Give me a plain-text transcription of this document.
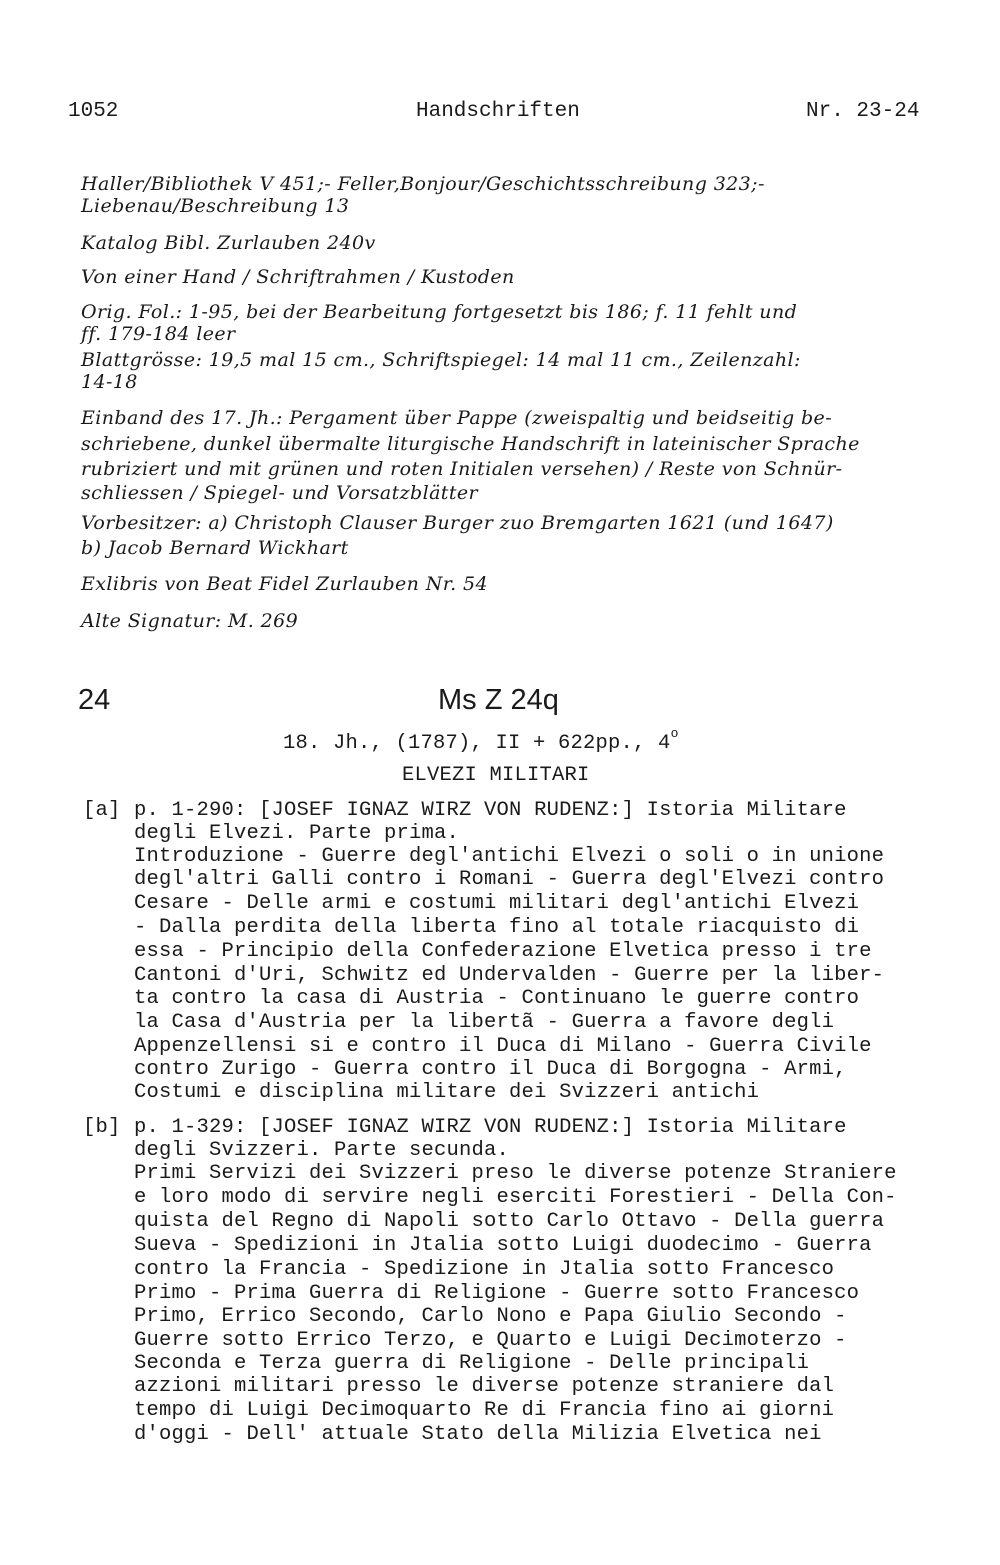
1052	Handschriften	Nr. 23-24
Haller/Bibliothek V 451;- Feller,Bonjour/Geschichtsschreibung 323;-
Liebenau/Beschreibung 13
Katalog Bibl. Zurlauben 240v
Von einer Hand / Schriftrahmen / Kustoden
Orig. Fol.: 1-95, bei der Bearbeitung fortgesetzt bis 186; f. 11 fehlt und
ff. 179-184 leer
Blattgrösse: 19,5 mal 15 cm., Schriftspiegel: 14 mal 11 cm., Zeilenzahl:
14-18
Einband des 17. Jh.: Pergament über Pappe (zweispaltig und beidseitig be-
schriebene, dunkel übermalte liturgische Handschrift in lateinischer Sprache
rubriziert und mit grünen und roten Initialen versehen) / Reste von Schnür-
schliessen / Spiegel- und Vorsatzblätter
Vorbesitzer: a) Christoph Clauser Burger zuo Bremgarten 1621 (und 1647)
b) Jacob Bernard Wickhart
Exlibris von Beat Fidel Zurlauben Nr. 54
Alte Signatur: M. 269
24	Ms Z 24q
18. Jh., (1787), II + 622pp., 4$^o$
ELVEZI MILITARI
[a] p. 1-290: [JOSEF IGNAZ WIRZ VON RUDENZ:] Istoria Militare
degli Elvezi. Parte prima.
Introduzione - Guerre degl'antichi Elvezi o soli o in unione
degl'altri Galli contro i Romani - Guerra degl'Elvezi contro
Cesare - Delle armi e costumi militari degl'antichi Elvezi
- Dalla perdita della liberta fino al totale riacquisto di
essa - Principio della Confederazione Elvetica presso i tre
Cantoni d'Uri, Schwitz ed Undervalden - Guerre per la liber-
ta contro la casa di Austria - Continuano le guerre contro
la Casa d'Austria per la libertã - Guerra a favore degli
Appenzellensi si e contro il Duca di Milano - Guerra Civile
contro Zurigo - Guerra contro il Duca di Borgogna - Armi,
Costumi e disciplina militare dei Svizzeri antichi
[b] p. 1-329: [JOSEF IGNAZ WIRZ VON RUDENZ:] Istoria Militare
degli Svizzeri. Parte secunda.
Primi Servizi dei Svizzeri preso le diverse potenze Straniere
e loro modo di servire negli eserciti Forestieri - Della Con-
quista del Regno di Napoli sotto Carlo Ottavo - Della guerra
Sueva - Spedizioni in Jtalia sotto Luigi duodecimo - Guerra
contro la Francia - Spedizione in Jtalia sotto Francesco
Primo - Prima Guerra di Religione - Guerre sotto Francesco
Primo, Errico Secondo, Carlo Nono e Papa Giulio Secondo -
Guerre sotto Errico Terzo, e Quarto e Luigi Decimoterzo -
Seconda e Terza guerra di Religione - Delle principali
azzioni militari presso le diverse potenze straniere dal
tempo di Luigi Decimoquarto Re di Francia fino ai giorni
d'oggi - Dell' attuale Stato della Milizia Elvetica nei
